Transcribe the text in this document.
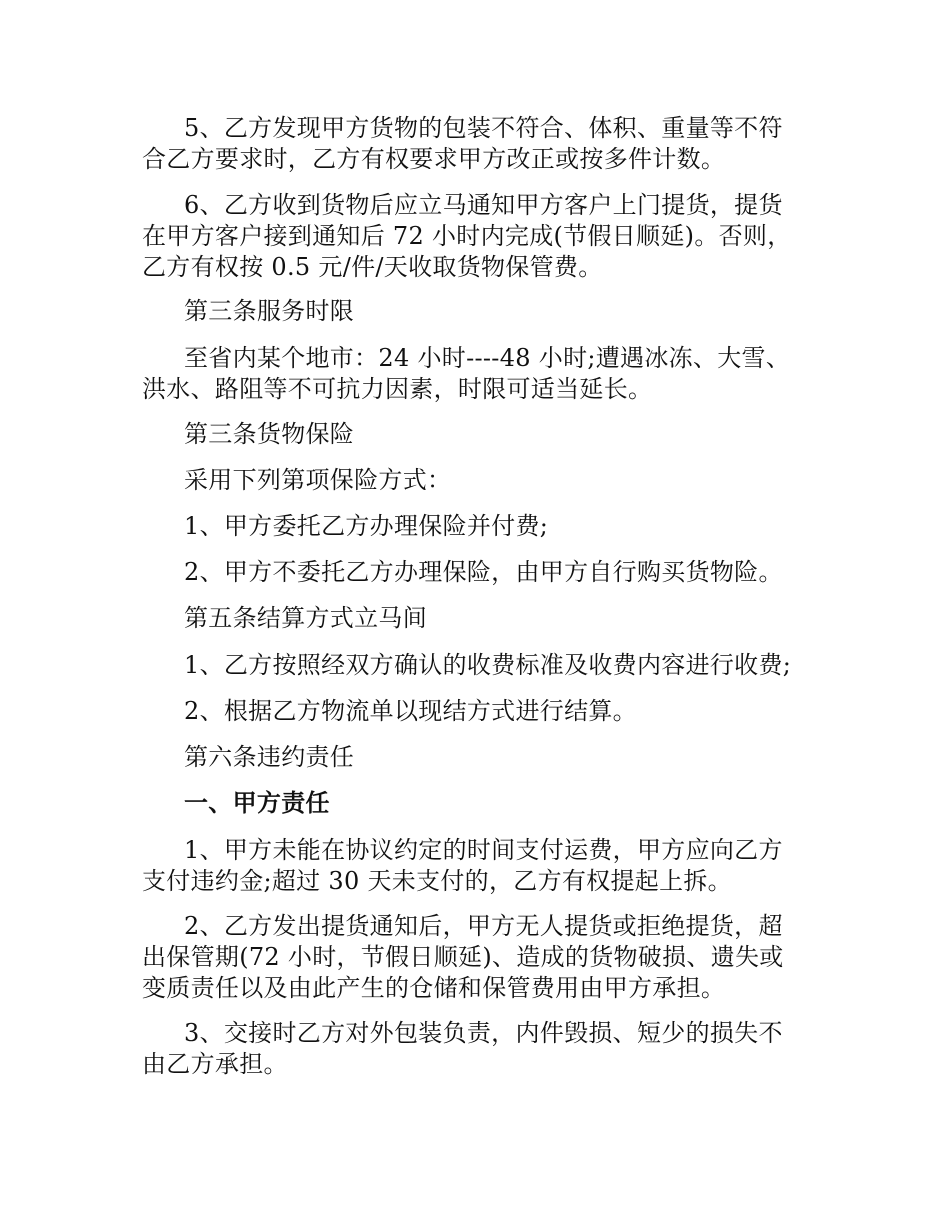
5、乙方发现甲方货物的包装不符合、体积、重量等不符
合乙方要求时，乙方有权要求甲方改正或按多件计数。
6、乙方收到货物后应立马通知甲方客户上门提货，提货
在甲方客户接到通知后 72 小时内完成(节假日顺延)。否则，
乙方有权按 0.5 元/件/天收取货物保管费。
第三条服务时限
至省内某个地市：24 小时----48 小时;遭遇冰冻、大雪、
洪水、路阻等不可抗力因素，时限可适当延长。
第三条货物保险
采用下列第项保险方式：
1、甲方委托乙方办理保险并付费;
2、甲方不委托乙方办理保险，由甲方自行购买货物险。
第五条结算方式立马间
1、乙方按照经双方确认的收费标准及收费内容进行收费;
2、根据乙方物流单以现结方式进行结算。
第六条违约责任
一、甲方责任
1、甲方未能在协议约定的时间支付运费，甲方应向乙方
支付违约金;超过 30 天未支付的，乙方有权提起上拆。
2、乙方发出提货通知后，甲方无人提货或拒绝提货，超
出保管期(72 小时，节假日顺延)、造成的货物破损、遗失或
变质责任以及由此产生的仓储和保管费用由甲方承担。
3、交接时乙方对外包装负责，内件毁损、短少的损失不
由乙方承担。
